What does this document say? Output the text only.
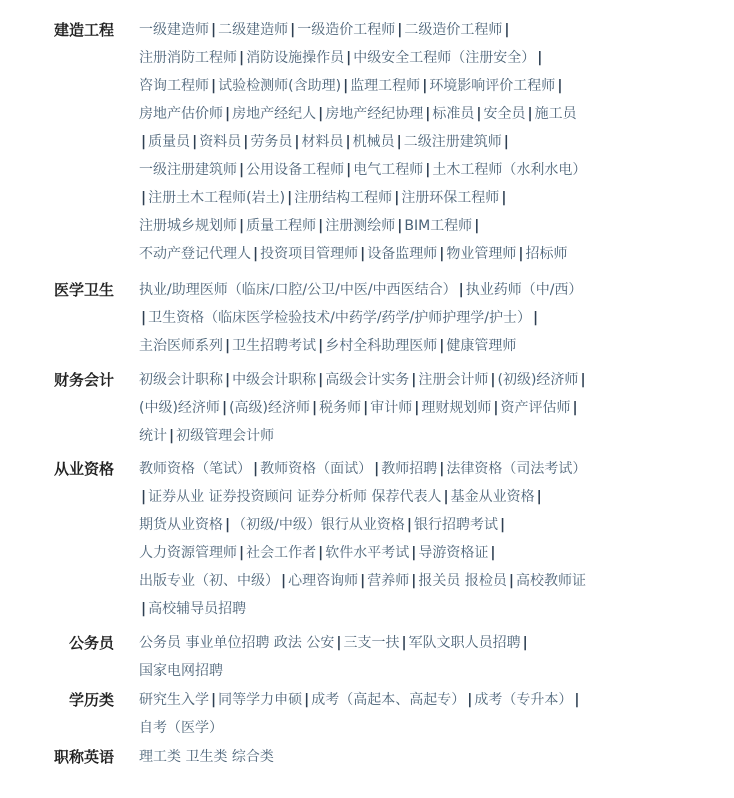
建造工程 一级建造师 | 二级建造师 | 一级造价工程师 | 二级造价工程师 |
注册消防工程师 | 消防设施操作员 | 中级安全工程师（注册安全） |
咨询工程师 | 试验检测师(含助理) | 监理工程师 | 环境影响评价工程师 |
房地产估价师 | 房地产经纪人 | 房地产经纪协理 | 标准员 | 安全员 | 施工员
| 质量员 | 资料员 | 劳务员 | 材料员 | 机械员 | 二级注册建筑师 |
一级注册建筑师 | 公用设备工程师 | 电气工程师 | 土木工程师（水利水电）
| 注册土木工程师(岩土) | 注册结构工程师 | 注册环保工程师 |
注册城乡规划师 | 质量工程师 | 注册测绘师 | BIM工程师 |
不动产登记代理人 | 投资项目管理师 | 设备监理师 | 物业管理师 | 招标师
医学卫生 执业/助理医师（临床/口腔/公卫/中医/中西医结合） | 执业药师（中/西）
| 卫生资格（临床医学检验技术/中药学/药学/护师护理学/护士） |
主治医师系列 | 卫生招聘考试 | 乡村全科助理医师 | 健康管理师
财务会计 初级会计职称 | 中级会计职称 | 高级会计实务 | 注册会计师 | (初级)经济师 |
(中级)经济师 | (高级)经济师 | 税务师 | 审计师 | 理财规划师 | 资产评估师 |
统计 | 初级管理会计师
从业资格 教师资格（笔试） | 教师资格（面试） | 教师招聘 | 法律资格（司法考试）
| 证券从业 证券投资顾问 证券分析师 保荐代表人 | 基金从业资格 |
期货从业资格 | （初级/中级）银行从业资格 | 银行招聘考试 |
人力资源管理师 | 社会工作者 | 软件水平考试 | 导游资格证 |
出版专业（初、中级） | 心理咨询师 | 营养师 | 报关员 报检员 | 高校教师证
| 高校辅导员招聘
公务员 公务员 事业单位招聘 政法 公安 | 三支一扶 | 军队文职人员招聘 |
国家电网招聘
学历类 研究生入学 | 同等学力申硕 | 成考（高起本、高起专） | 成考（专升本） |
自考（医学）
职称英语 理工类 卫生类 综合类
